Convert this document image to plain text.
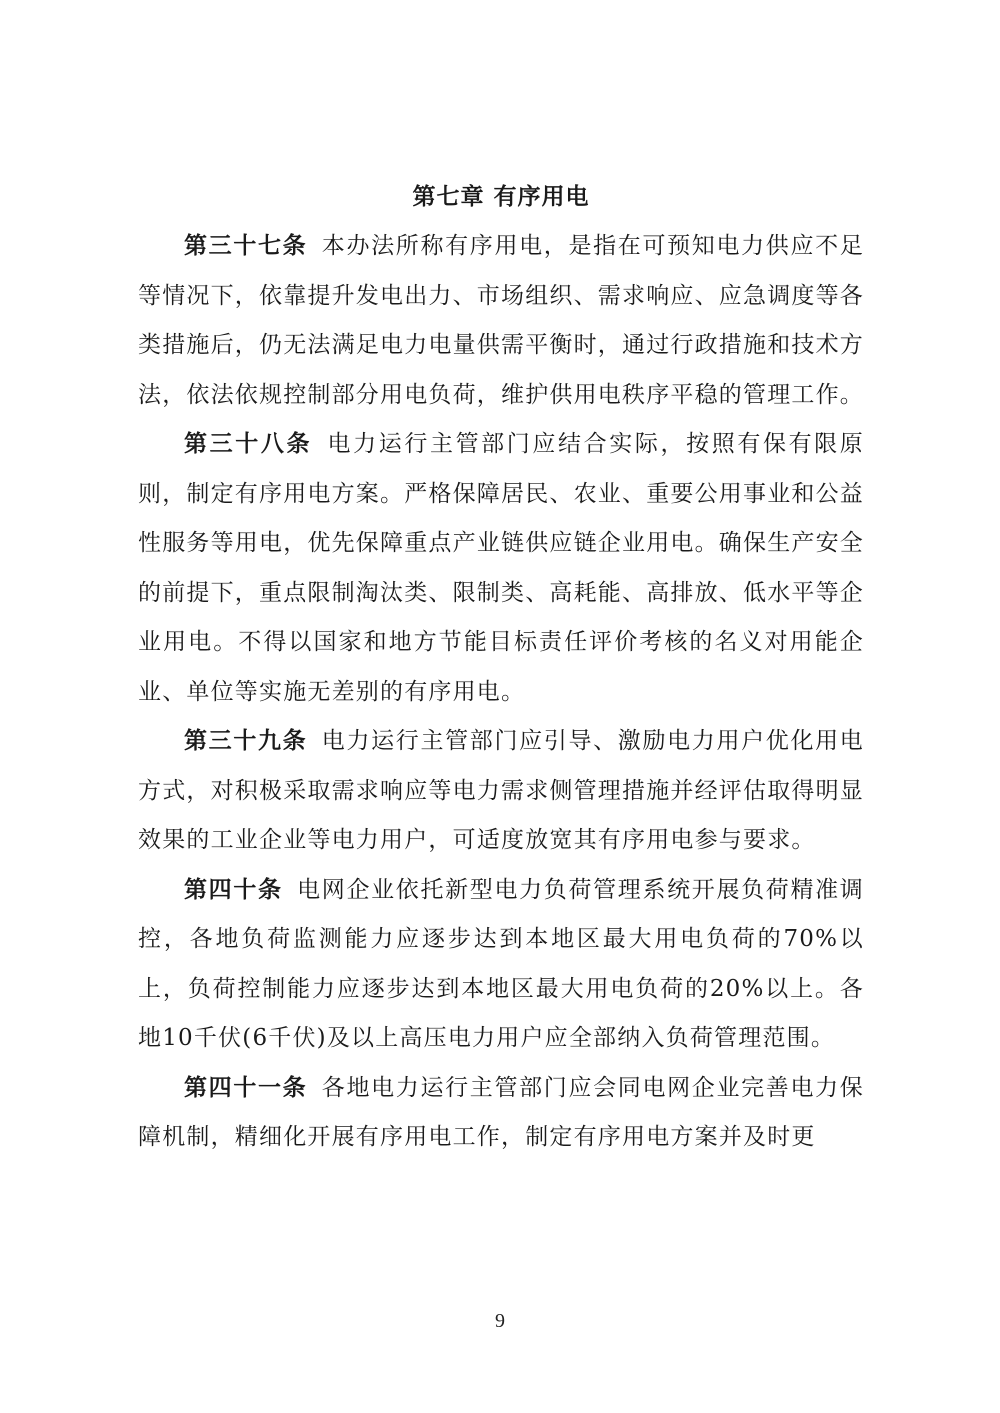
第七章 有序用电

第三十七条 本办法所称有序用电，是指在可预知电力供应不足等情况下，依靠提升发电出力、市场组织、需求响应、应急调度等各类措施后，仍无法满足电力电量供需平衡时，通过行政措施和技术方法，依法依规控制部分用电负荷，维护供用电秩序平稳的管理工作。

第三十八条 电力运行主管部门应结合实际，按照有保有限原则，制定有序用电方案。严格保障居民、农业、重要公用事业和公益性服务等用电，优先保障重点产业链供应链企业用电。确保生产安全的前提下，重点限制淘汰类、限制类、高耗能、高排放、低水平等企业用电。不得以国家和地方节能目标责任评价考核的名义对用能企业、单位等实施无差别的有序用电。

第三十九条 电力运行主管部门应引导、激励电力用户优化用电方式，对积极采取需求响应等电力需求侧管理措施并经评估取得明显效果的工业企业等电力用户，可适度放宽其有序用电参与要求。

第四十条 电网企业依托新型电力负荷管理系统开展负荷精准调控，各地负荷监测能力应逐步达到本地区最大用电负荷的70%以上，负荷控制能力应逐步达到本地区最大用电负荷的20%以上。各地10千伏(6千伏)及以上高压电力用户应全部纳入负荷管理范围。

第四十一条 各地电力运行主管部门应会同电网企业完善电力保障机制，精细化开展有序用电工作，制定有序用电方案并及时更

9
